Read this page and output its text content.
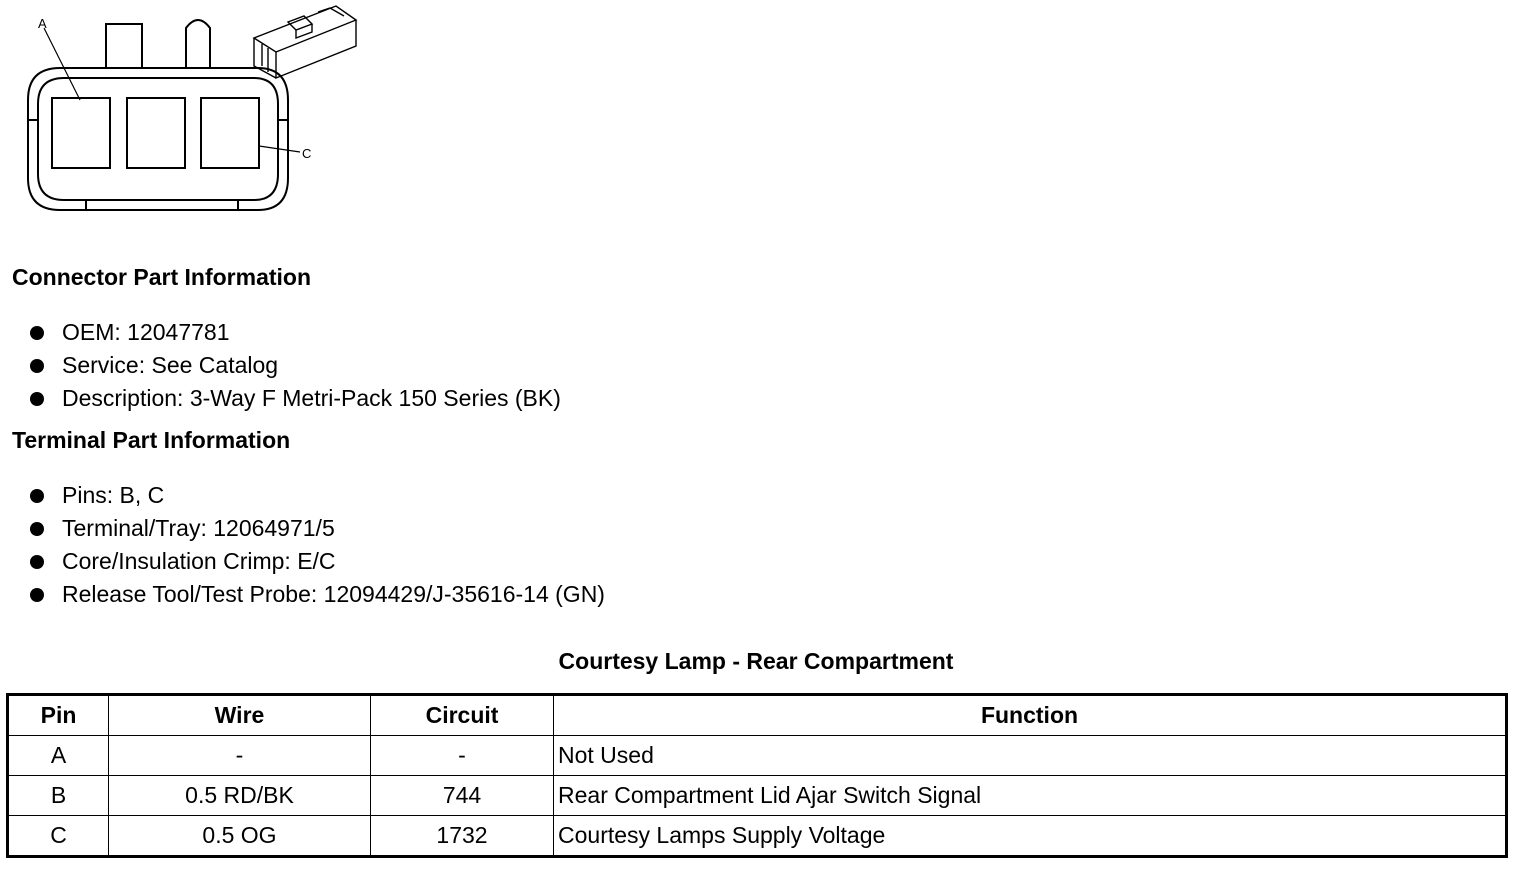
A
C
Connector Part Information
OEM: 12047781
Service: See Catalog
Description: 3-Way F Metri-Pack 150 Series (BK)
Terminal Part Information
Pins: B, C
Terminal/Tray: 12064971/5
Core/Insulation Crimp: E/C
Release Tool/Test Probe: 12094429/J-35616-14 (GN)
Courtesy Lamp - Rear Compartment
Pin	Wire	Circuit	Function
A	-	-	Not Used
B	0.5 RD/BK	744	Rear Compartment Lid Ajar Switch Signal
C	0.5 OG	1732	Courtesy Lamps Supply Voltage
